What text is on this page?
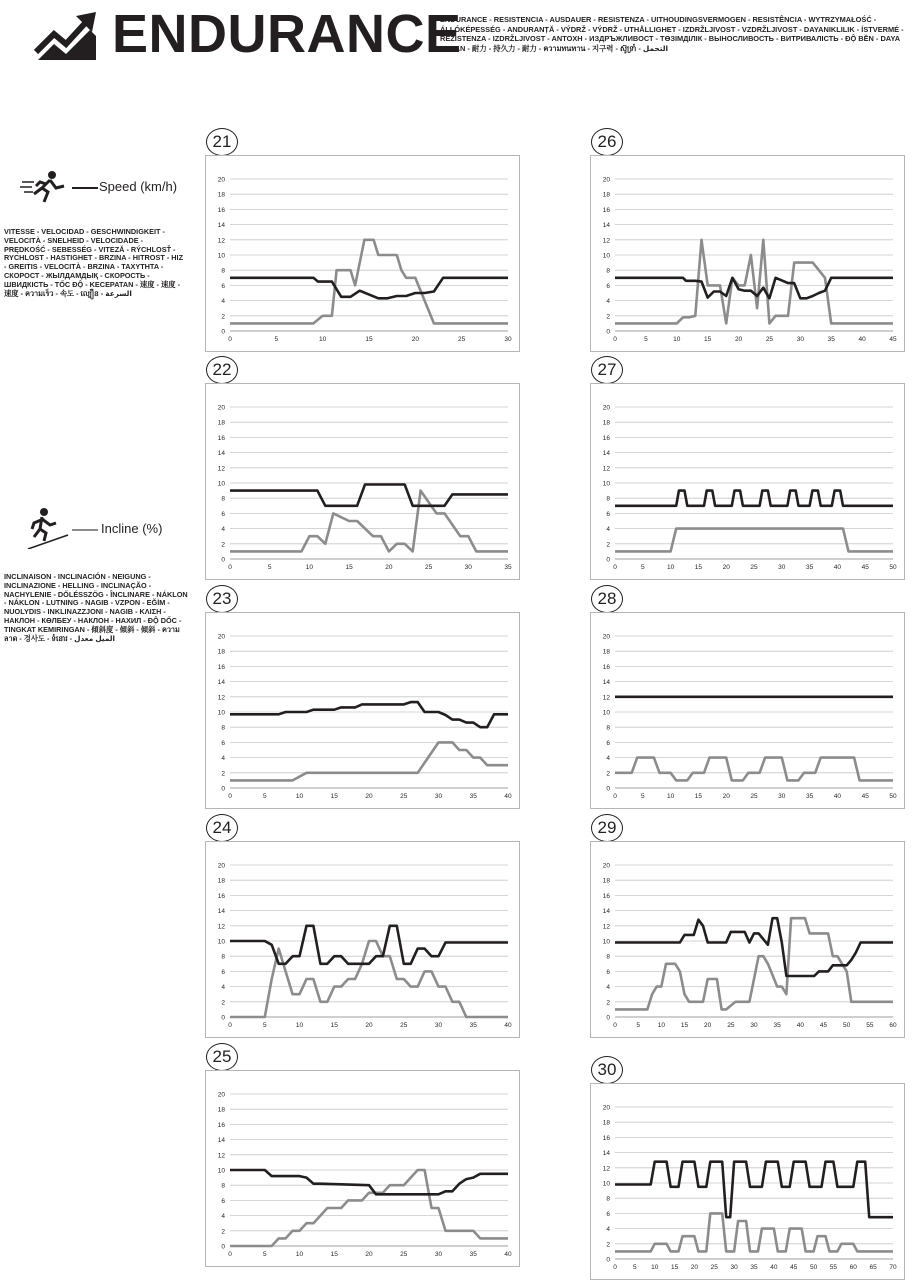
ENDURANCE
ENDURANCE - RESISTENCIA - AUSDAUER - RESISTENZA - UITHOUDINGSVERMOGEN - RESISTÊNCIA - WYTRZYMAŁOŚĆ - ÁLLÓKÉPESSÉG - ANDURANȚĂ - VÝDRŽ - VÝDRŽ - UTHÅLLIGHET - IZDRŽLJIVOST - VZDRŽLJIVOST - DAYANIKLILIK - ÍSTVERMÉ - REZISTENZA - IZDRŽLJIVOST - ANTOXH - ИЗДРЪЖЛИВОСТ - TӨЗIМДIЛIК - ВЫНОСЛИВОСТЬ - ВИТРИВАЛІСТЬ - ĐỘ BỀN - DAYA TAHAN - 耐力 - 持久力 - 耐力 - ความทนทาน - 지구력 - ស៊ូទ្រាំ - التحمل
Speed (km/h)
VITESSE - VELOCIDAD - GESCHWINDIGKEIT - VELOCITÀ - SNELHEID - VELOCIDADE - PRĘDKOŚĆ - SEBESSÉG - VITEZĂ - RÝCHLOSŤ - RYCHLOST - HASTIGHET - BRZINA - HITROST - HIZ - GREITIS - VELOCITÀ - BRZINA - TAXYTHTA - СКОРОСТ - ЖЫЛДАМДЫҚ - СКОРОСТЬ - ШВИДКІСТЬ - TỐC ĐỘ - KECEPATAN - 速度 - 速度 - 速度 - ความเร็ว - 속도 - ល្បឿន - السرعة
Incline (%)
INCLINAISON - INCLINACIÓN - NEIGUNG - INCLINAZIONE - HELLING - INCLINAÇÃO - NACHYLENIE - DŐLÉSSZÖG - ÎNCLINARE - NÁKLON - NÁKLON - LUTNING - NAGIB - VZPON - EĞİM - NUOLYDIS - INKLINAZZJONI - NAGIB - ΚΛΙΣΗ - НАКЛОН - КӨЛБЕУ - НАКЛОН - НАХИЛ - ĐỘ DỐC - TINGKAT KEMIRINGAN - 傾斜度 - 傾斜 - 傾斜 - ความลาด - 경사도 - ទំនោរ - الميل معدل
21
0
2
4
6
8
10
12
14
16
18
20
0	5	10	15	20	25	30
26
0
2
4
6
8
10
12
14
16
18
20
0	5	10	15	20	25	30	35	40	45
22
0
2
4
6
8
10
12
14
16
18
20
0	5	10	15	20	25	30	35
27
0
2
4
6
8
10
12
14
16
18
20
0	5	10	15	20	25	30	35	40	45	50
23
0
2
4
6
8
10
12
14
16
18
20
0	5	10	15	20	25	30	35	40
28
0
2
4
6
8
10
12
14
16
18
20
0	5	10	15	20	25	30	35	40	45	50
24
0
2
4
6
8
10
12
14
16
18
20
0	5	10	15	20	25	30	35	40
29
0
2
4
6
8
10
12
14
16
18
20
0	5	10 15 20 25 30 35 40 45 50 55 60
25
0
2
4
6
8
10
12
14
16
18
20
0	5	10	15	20	25	30	35	40
30
0
2
4
6
8
10
12
14
16
18
20
0 5 10 15 20 25 30 35 40 45 50 55 60 65 70
